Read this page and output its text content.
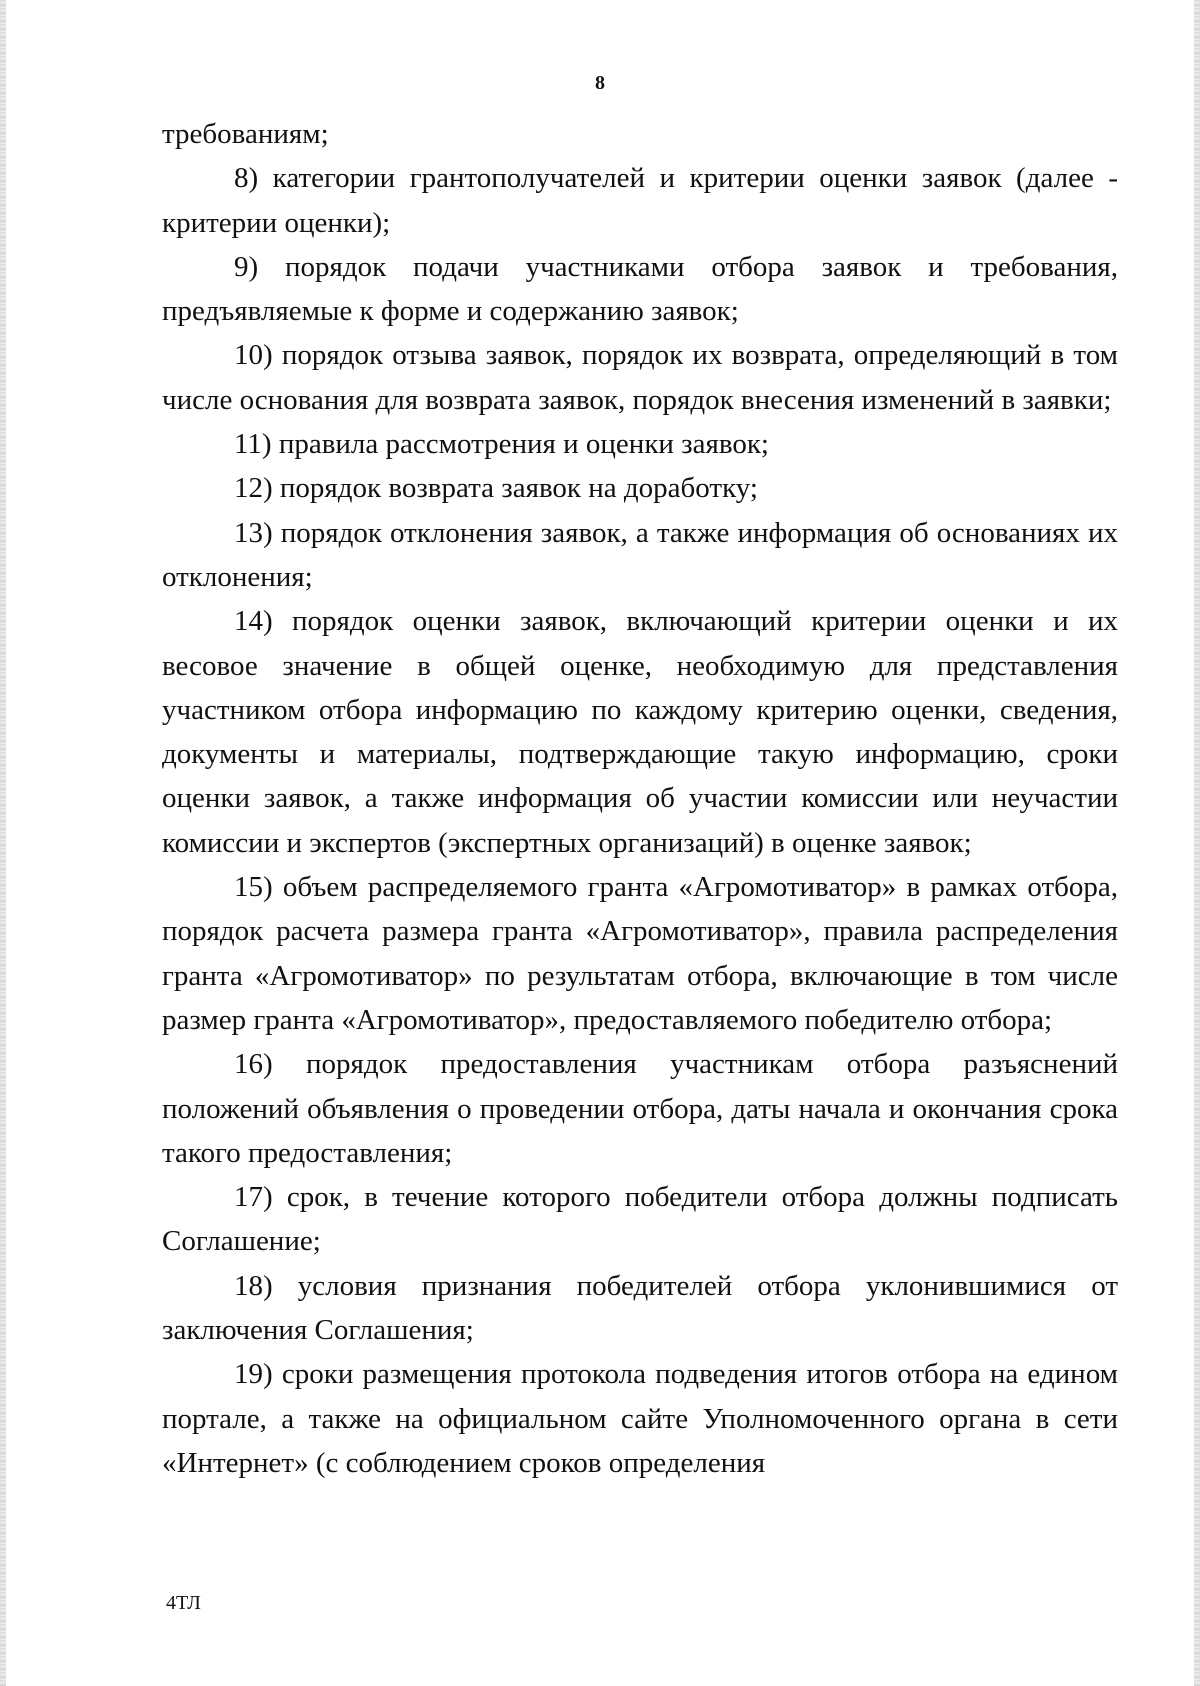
8

требованиям;

8) категории грантополучателей и критерии оценки заявок (далее - критерии оценки);

9) порядок подачи участниками отбора заявок и требования, предъявляемые к форме и содержанию заявок;

10) порядок отзыва заявок, порядок их возврата, определяющий в том числе основания для возврата заявок, порядок внесения изменений в заявки;

11) правила рассмотрения и оценки заявок;

12) порядок возврата заявок на доработку;

13) порядок отклонения заявок, а также информация об основаниях их отклонения;

14) порядок оценки заявок, включающий критерии оценки и их весовое значение в общей оценке, необходимую для представления участником отбора информацию по каждому критерию оценки, сведения, документы и материалы, подтверждающие такую информацию, сроки оценки заявок, а также информация об участии комиссии или неучастии комиссии и экспертов (экспертных организаций) в оценке заявок;

15) объем распределяемого гранта «Агромотиватор» в рамках отбора, порядок расчета размера гранта «Агромотиватор», правила распределения гранта «Агромотиватор» по результатам отбора, включающие в том числе размер гранта «Агромотиватор», предоставляемого победителю отбора;

16) порядок предоставления участникам отбора разъяснений положений объявления о проведении отбора, даты начала и окончания срока такого предоставления;

17) срок, в течение которого победители отбора должны подписать Соглашение;

18) условия признания победителей отбора уклонившимися от заключения Соглашения;

19) сроки размещения протокола подведения итогов отбора на едином портале, а также на официальном сайте Уполномоченного органа в сети «Интернет» (с соблюдением сроков определения

4ТЛ
